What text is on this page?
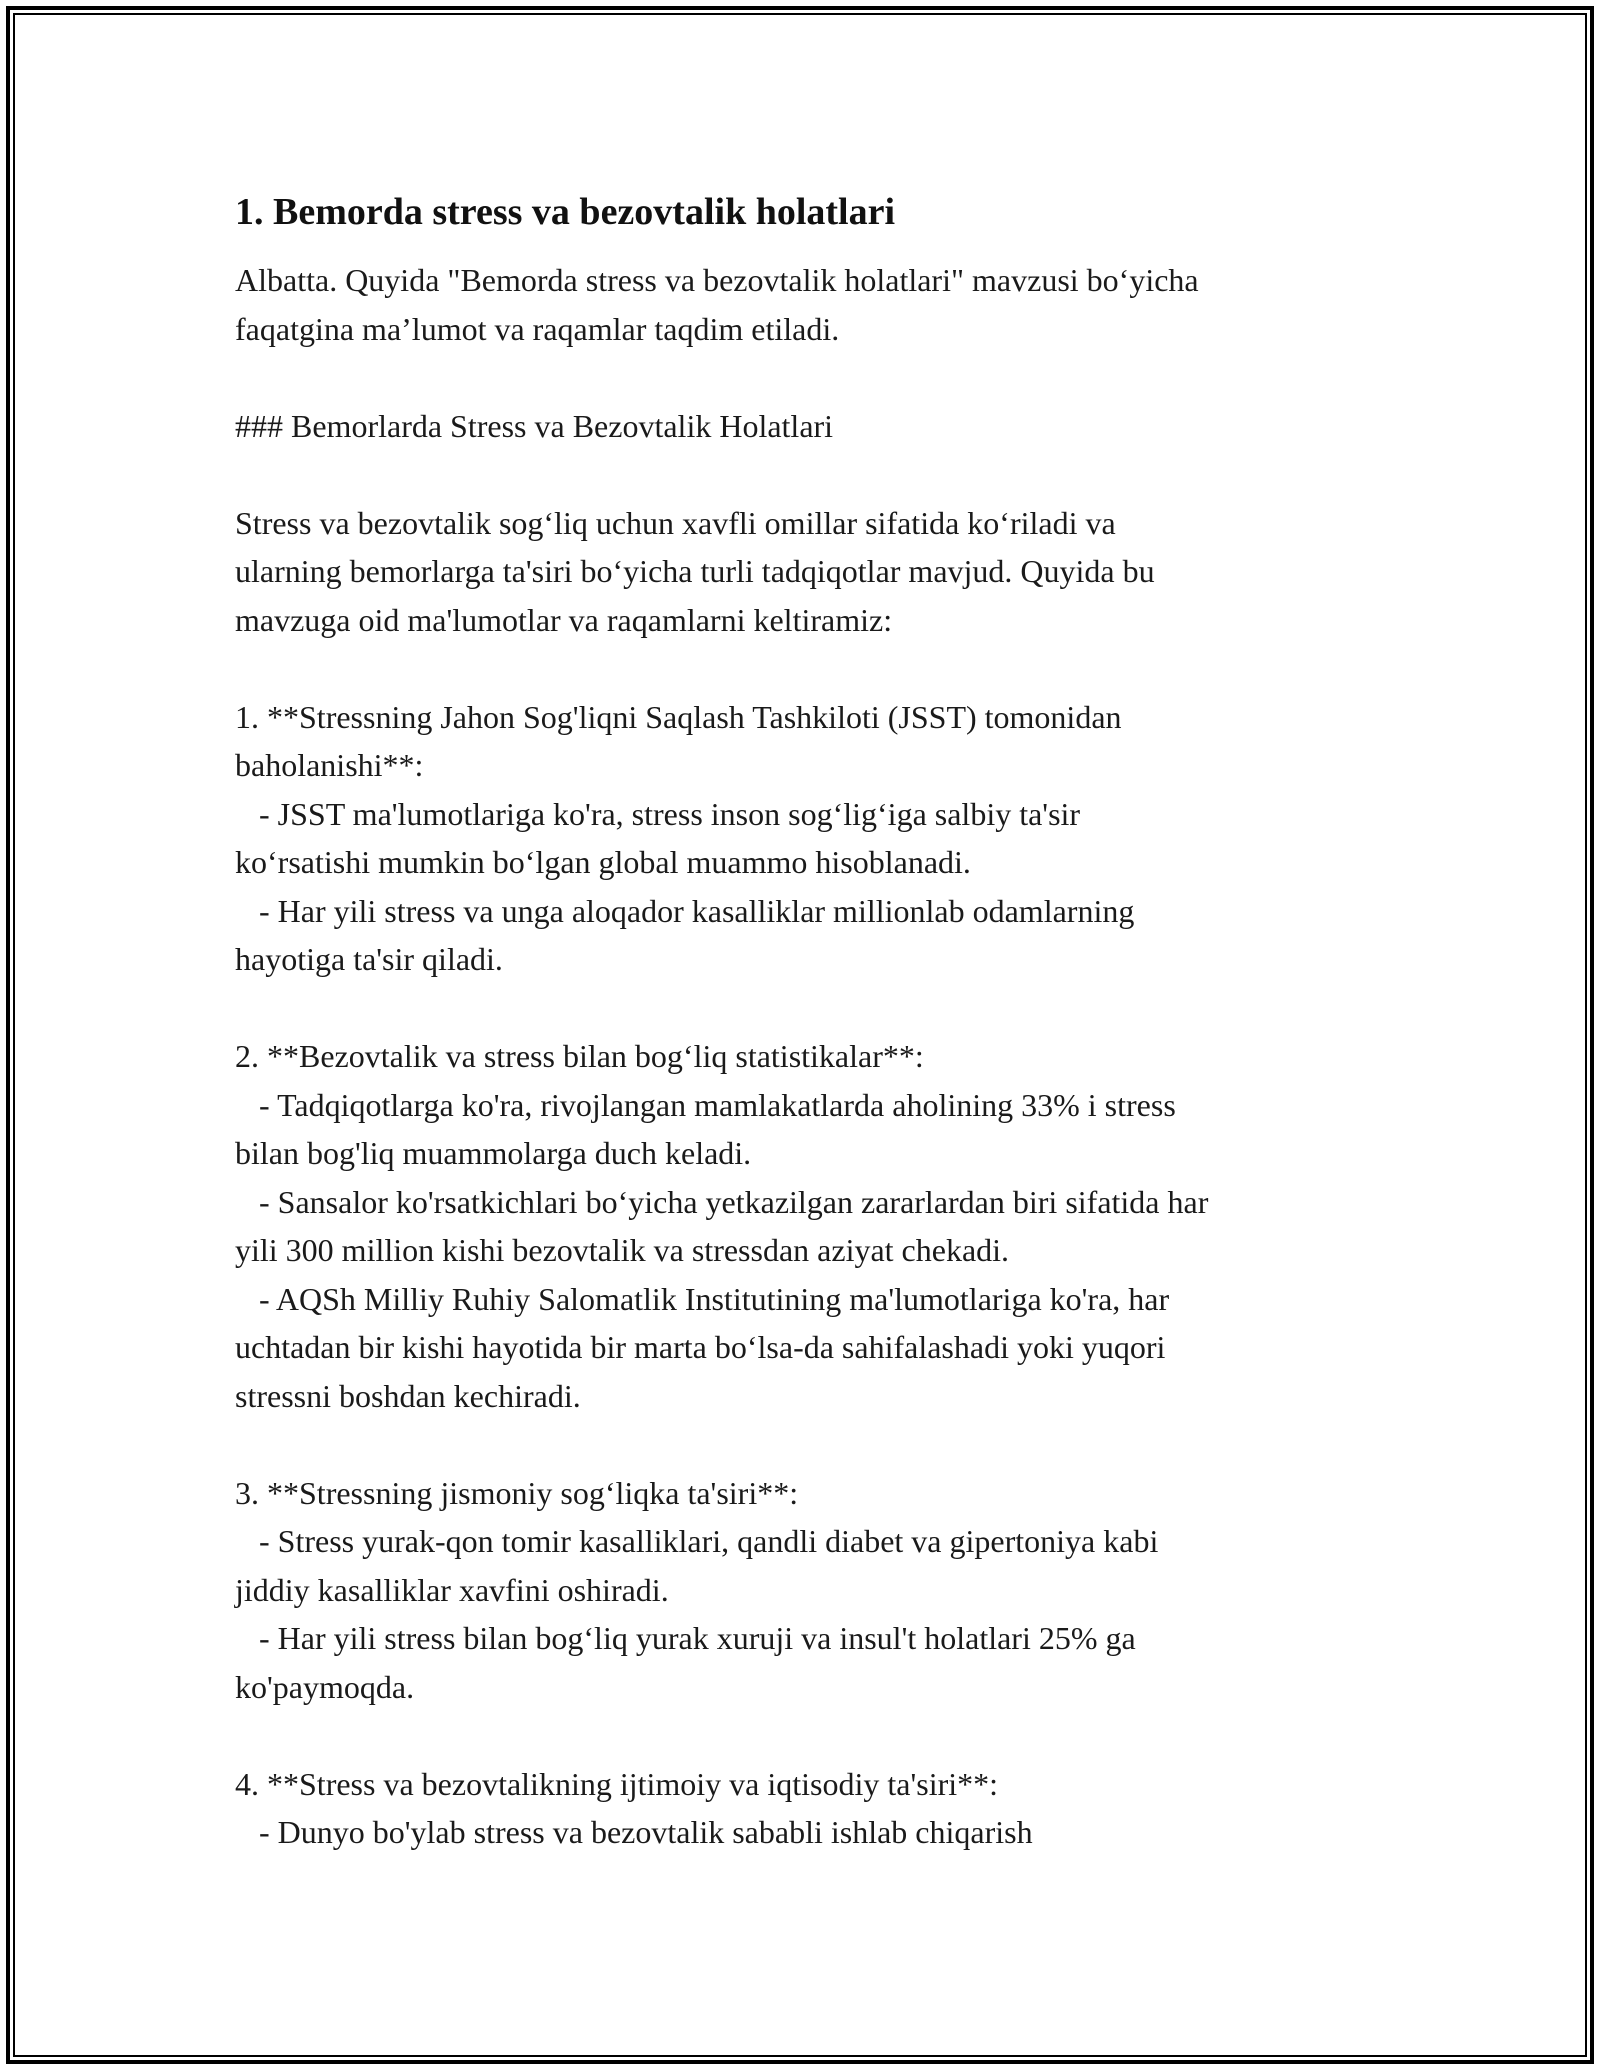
1. Bemorda stress va bezovtalik holatlari
Albatta. Quyida "Bemorda stress va bezovtalik holatlari" mavzusi bo‘yicha
faqatgina ma’lumot va raqamlar taqdim etiladi.
### Bemorlarda Stress va Bezovtalik Holatlari
Stress va bezovtalik sog‘liq uchun xavfli omillar sifatida ko‘riladi va
ularning bemorlarga ta'siri bo‘yicha turli tadqiqotlar mavjud. Quyida bu
mavzuga oid ma'lumotlar va raqamlarni keltiramiz:
1. **Stressning Jahon Sog'liqni Saqlash Tashkiloti (JSST) tomonidan
baholanishi**:
- JSST ma'lumotlariga ko'ra, stress inson sog‘lig‘iga salbiy ta'sir
ko‘rsatishi mumkin bo‘lgan global muammo hisoblanadi.
- Har yili stress va unga aloqador kasalliklar millionlab odamlarning
hayotiga ta'sir qiladi.
2. **Bezovtalik va stress bilan bog‘liq statistikalar**:
- Tadqiqotlarga ko'ra, rivojlangan mamlakatlarda aholining 33% i stress
bilan bog'liq muammolarga duch keladi.
- Sansalor ko'rsatkichlari bo‘yicha yetkazilgan zararlardan biri sifatida har
yili 300 million kishi bezovtalik va stressdan aziyat chekadi.
- AQSh Milliy Ruhiy Salomatlik Institutining ma'lumotlariga ko'ra, har
uchtadan bir kishi hayotida bir marta bo‘lsa-da sahifalashadi yoki yuqori
stressni boshdan kechiradi.
3. **Stressning jismoniy sog‘liqka ta'siri**:
- Stress yurak-qon tomir kasalliklari, qandli diabet va gipertoniya kabi
jiddiy kasalliklar xavfini oshiradi.
- Har yili stress bilan bog‘liq yurak xuruji va insul't holatlari 25% ga
ko'paymoqda.
4. **Stress va bezovtalikning ijtimoiy va iqtisodiy ta'siri**:
- Dunyo bo'ylab stress va bezovtalik sababli ishlab chiqarish
